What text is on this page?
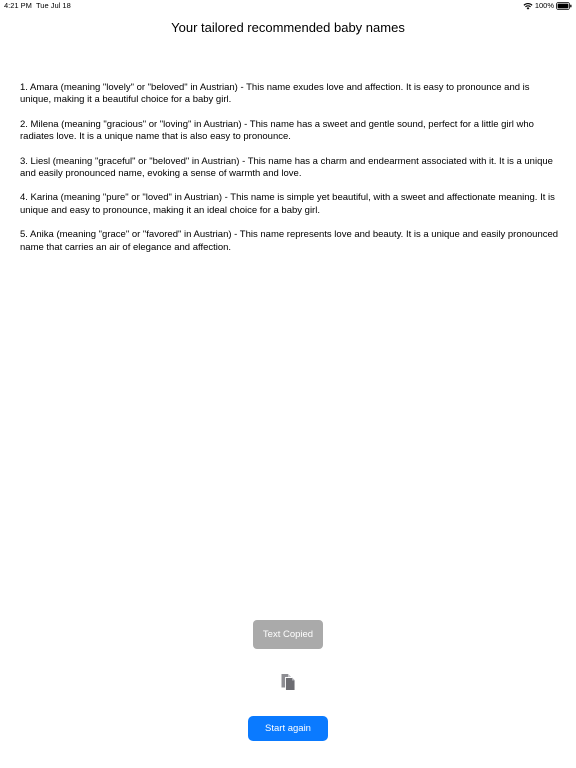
4:21 PM Tue Jul 18	100%
Your tailored recommended baby names

1. Amara (meaning "lovely" or "beloved" in Austrian) - This name exudes love and affection. It is easy to pronounce and is unique, making it a beautiful choice for a baby girl.

2. Milena (meaning "gracious" or "loving" in Austrian) - This name has a sweet and gentle sound, perfect for a little girl who radiates love. It is a unique name that is also easy to pronounce.

3. Liesl (meaning "graceful" or "beloved" in Austrian) - This name has a charm and endearment associated with it. It is a unique and easily pronounced name, evoking a sense of warmth and love.

4. Karina (meaning "pure" or "loved" in Austrian) - This name is simple yet beautiful, with a sweet and affectionate meaning. It is unique and easy to pronounce, making it an ideal choice for a baby girl.

5. Anika (meaning "grace" or "favored" in Austrian) - This name represents love and beauty. It is a unique and easily pronounced name that carries an air of elegance and affection.

Text Copied
Start again
